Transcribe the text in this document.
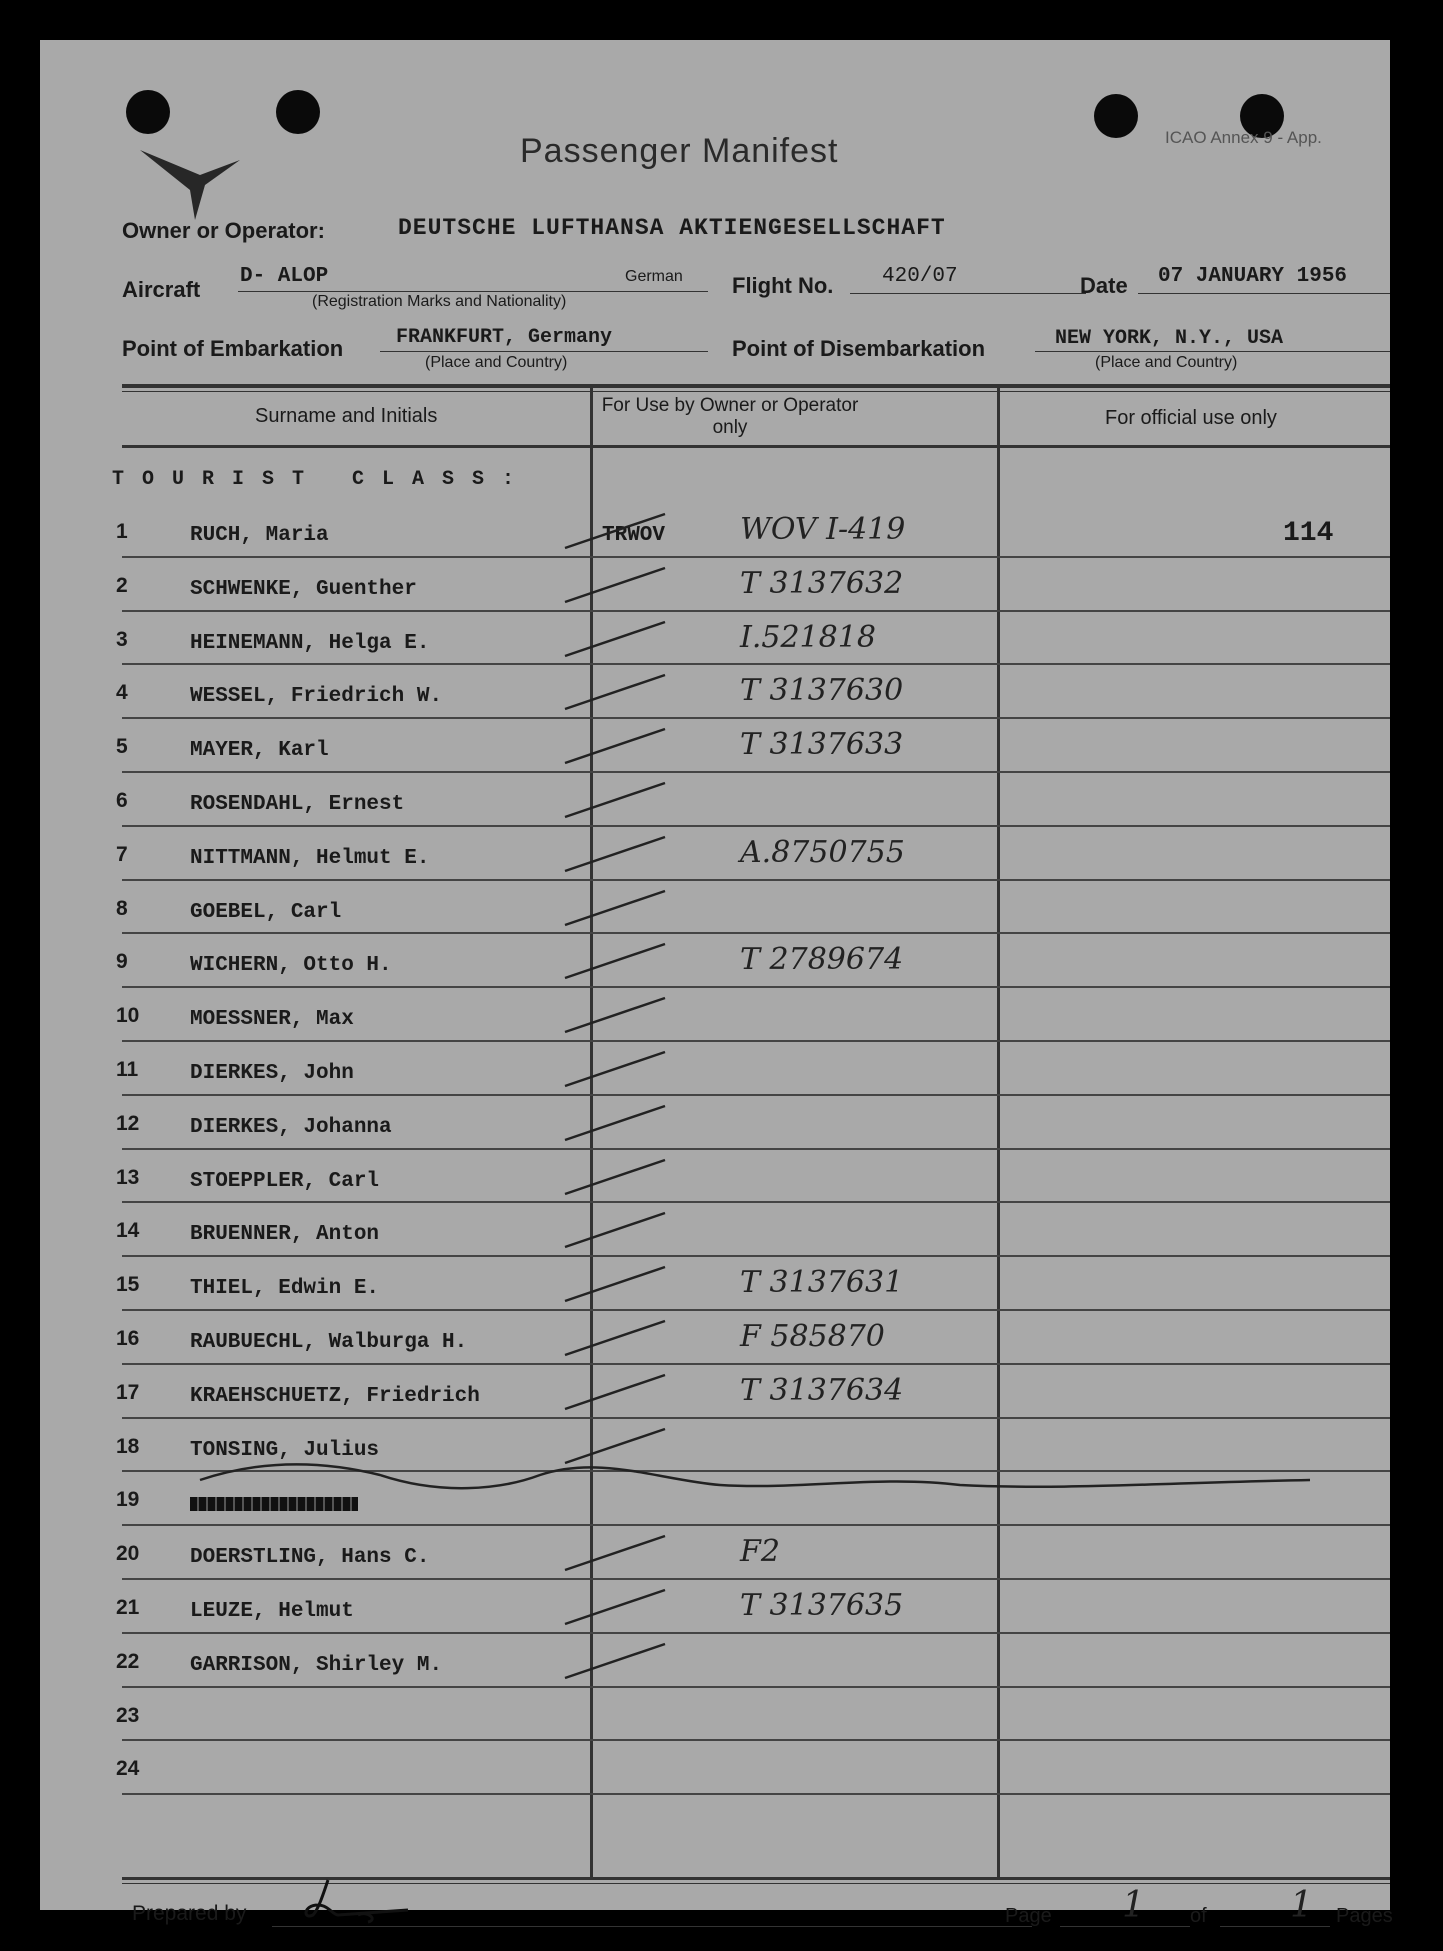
Passenger Manifest	ICAO Annex 9 - App.
Owner or Operator:	DEUTSCHE LUFTHANSA AKTIENGESELLSCHAFT
Aircraft
D- ALOP	German
(Registration Marks and Nationality)
Flight No. 420/07	Date 07 JANUARY 1956
Point of Embarkation	FRANKFURT, Germany
(Place and Country)
Point of Disembarkation	NEW YORK, N.Y., USA
(Place and Country)
Surname and Initials	For Use by Owner or Operator only	For official use only
T O U R I S T   C L A S S :
1	RUCH, Maria	TRWOV WOV I-419	114
2	SCHWENKE, Guenther	T 3137632
3	HEINEMANN, Helga E.	I.521818
4	WESSEL, Friedrich W.	T 3137630
5	MAYER, Karl	T 3137633
6	ROSENDAHL, Ernest
7	NITTMANN, Helmut E.	A.8750755
8	GOEBEL, Carl
9	WICHERN, Otto H.	T 2789674
10 MOESSNER, Max
11 DIERKES, John
12 DIERKES, Johanna
13 STOEPPLER, Carl
14 BRUENNER, Anton
15 THIEL, Edwin E.	T 3137631
16 RAUBUECHL, Walburga H.	F 585870
17 KRAEHSCHUETZ, Friedrich	T 3137634
18 TONSING, Julius
19
20 DOERSTLING, Hans C.	F2
21 LEUZE, Helmut	T 3137635
22 GARRISON, Shirley M.
23
24
Prepared by	Page 1 of 1 Pages
